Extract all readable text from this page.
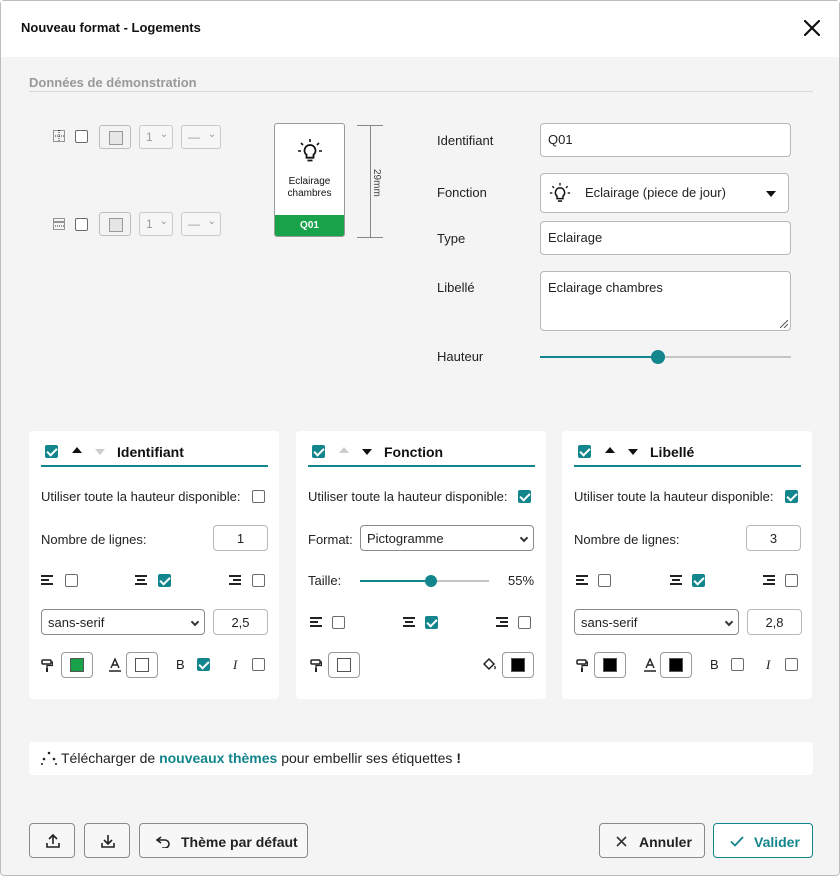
Nouveau format - Logements
Données de démonstration
1 ⌄	— ⌄
1 ⌄	— ⌄
Eclairage
chambres
Q01
29mm
Identifiant	Q01
Fonction	Eclairage (piece de jour)
Type	Eclairage
Libellé	Eclairage chambres
Hauteur
Identifiant
Utiliser toute la hauteur disponible:
Nombre de lignes:	1
sans-serif	2,5
B	I
Fonction
Utiliser toute la hauteur disponible:
Format:	Pictogramme
Taille:	55%
Libellé
Utiliser toute la hauteur disponible:
Nombre de lignes:	3
sans-serif	2,8
B	I
Télécharger de nouveaux thèmes pour embellir ses étiquettes !
Thème par défaut	Annuler	Valider
